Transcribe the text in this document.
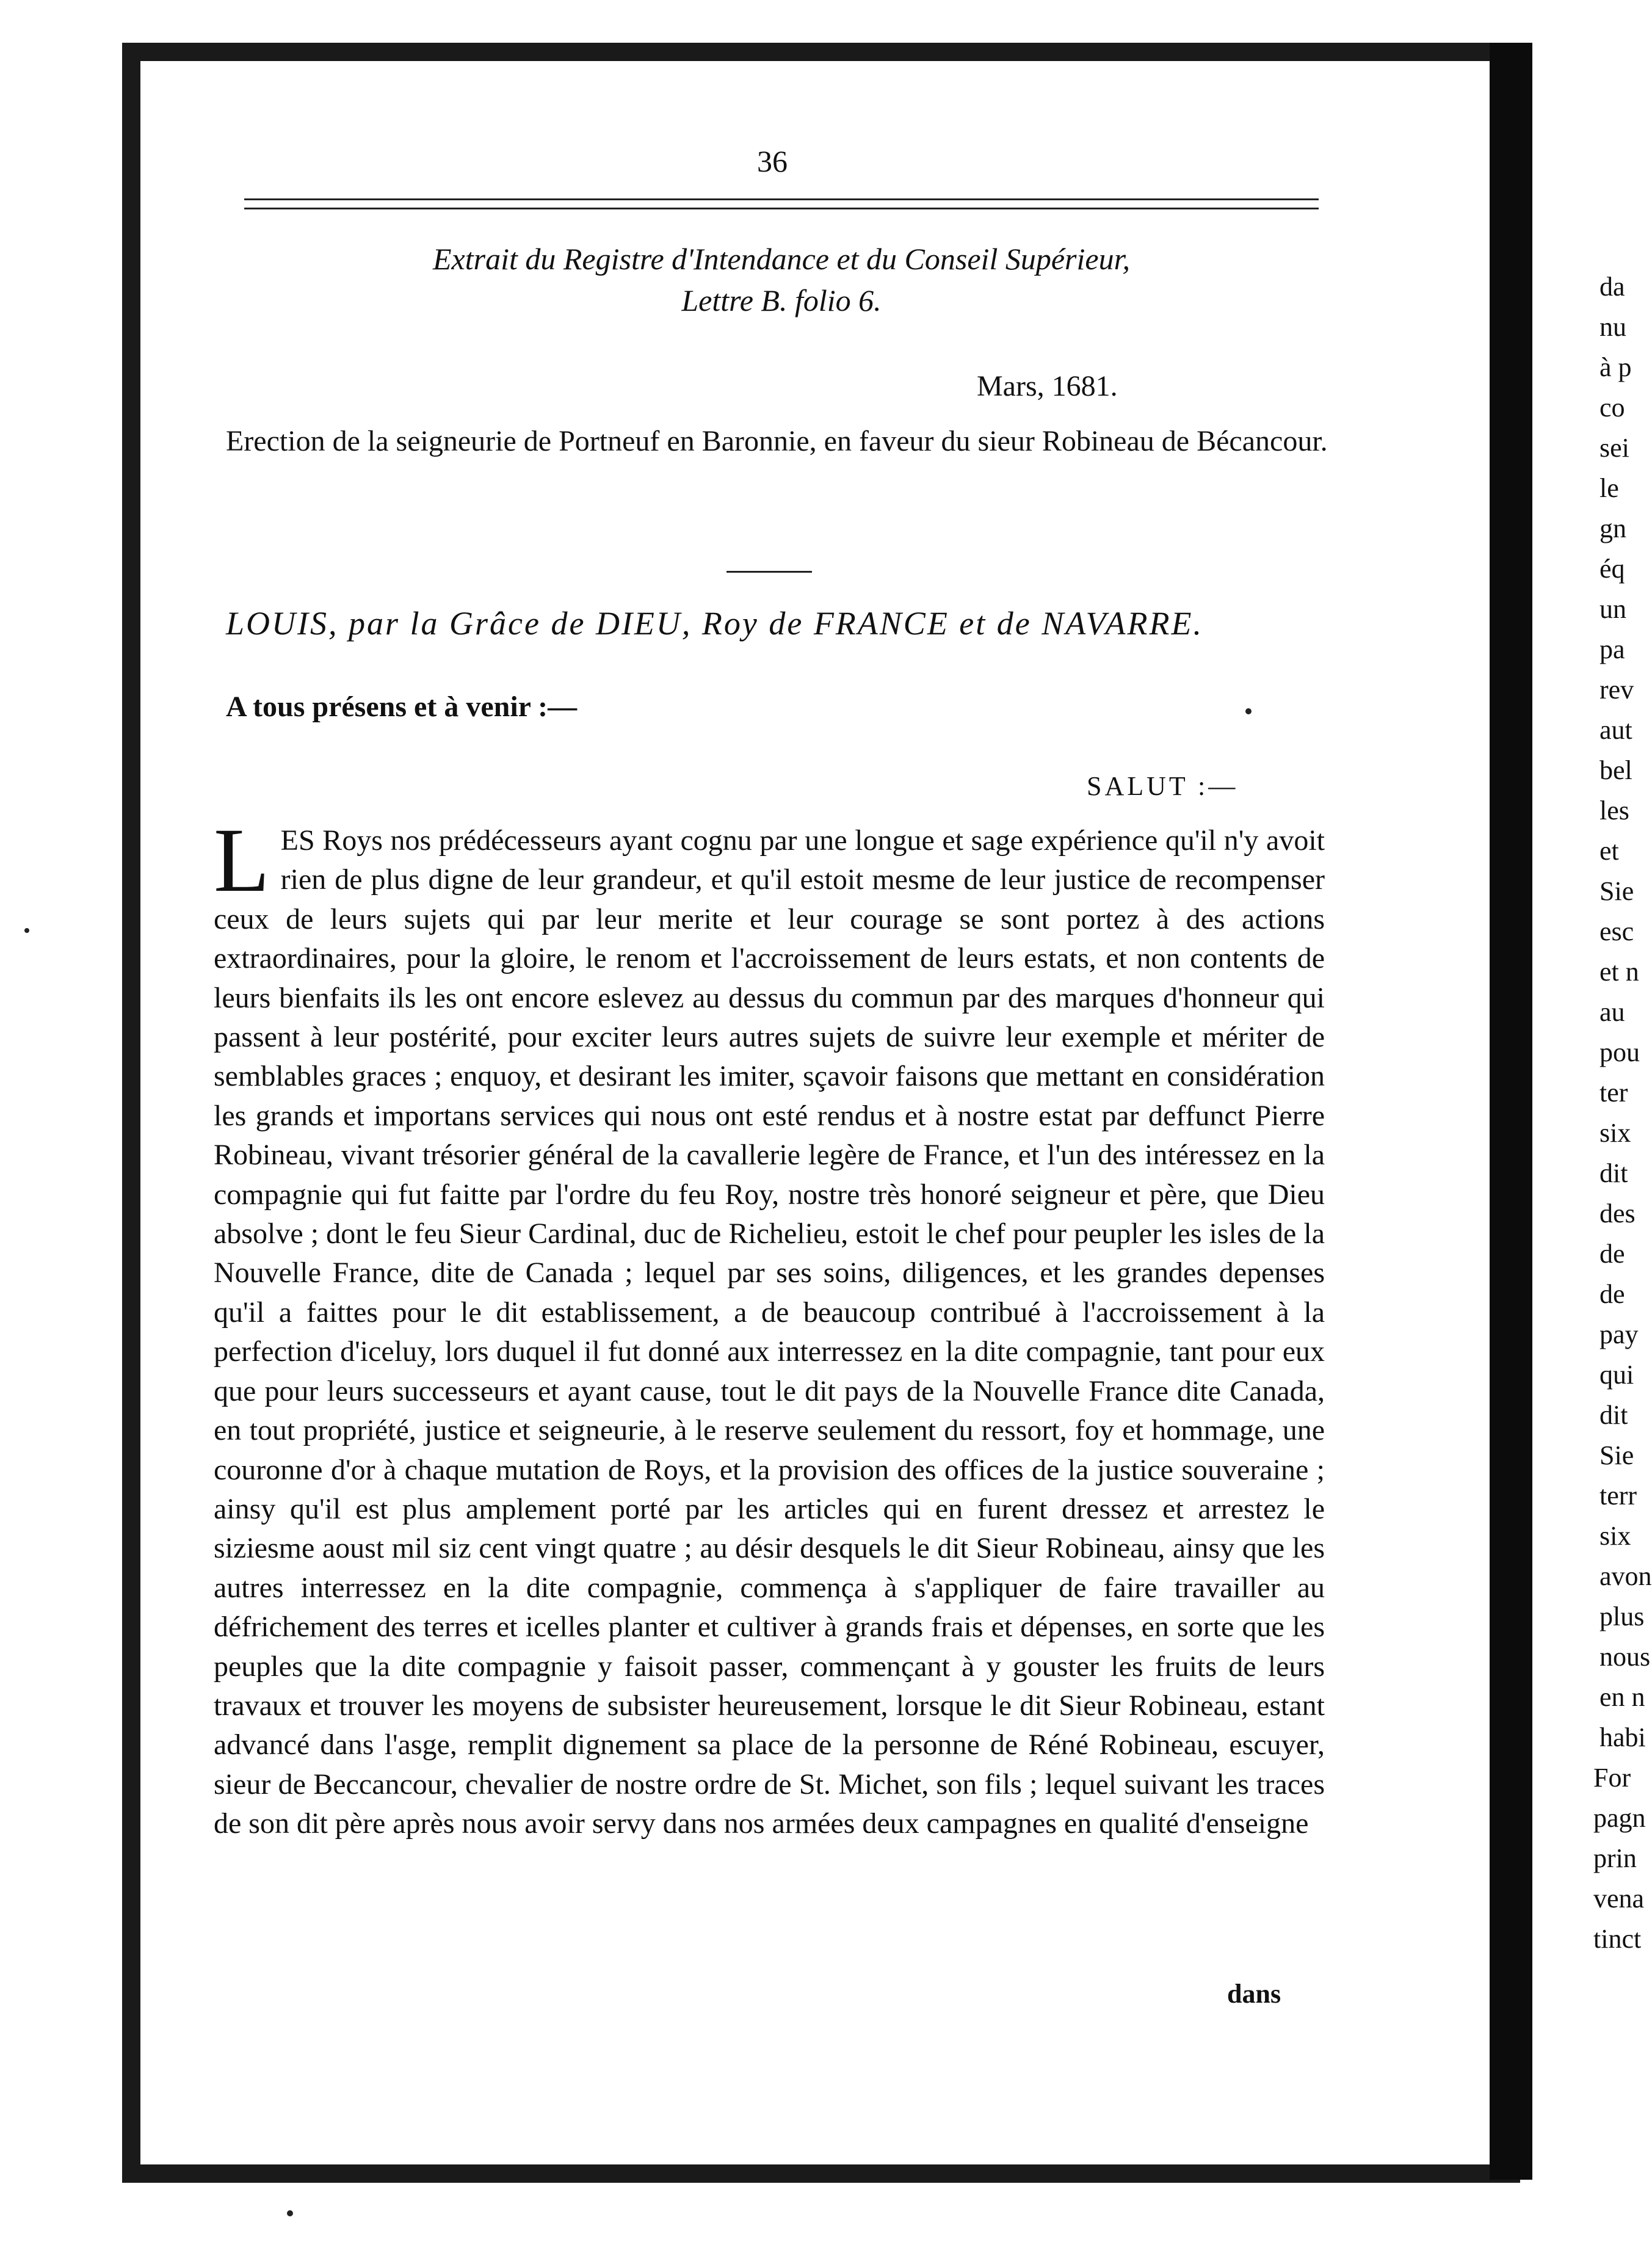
da
nu
à p
co
sei
le
gn
éq
un
pa
rev
aut
bel
les
et
Sie
esc
et n
au
pou
ter
six
dit
des
de
de
pay
qui
dit
Sie
terr
six
avon
plus
nous
en n
habi
For
pagn
prin
vena
tinct
36
Extrait du Registre d'Intendance et du Conseil Supérieur,
Lettre B. folio 6.
Mars, 1681.
Erection de la seigneurie de Portneuf en Baronnie, en faveur du sieur Robineau de Bécancour.
LOUIS, par la Grâce de DIEU, Roy de FRANCE et de NAVARRE.
A tous présens et à venir :—
SALUT :—
LES Roys nos prédécesseurs ayant cognu par une longue et sage expérience qu'il n'y avoit rien de plus digne de leur grandeur, et qu'il estoit mesme de leur justice de recompenser ceux de leurs sujets qui par leur merite et leur courage se sont portez à des actions extraordinaires, pour la gloire, le renom et l'accroissement de leurs estats, et non contents de leurs bienfaits ils les ont encore eslevez au dessus du commun par des marques d'honneur qui passent à leur postérité, pour exciter leurs autres sujets de suivre leur exemple et mériter de semblables graces ; enquoy, et desirant les imiter, sçavoir faisons que mettant en considération les grands et importans services qui nous ont esté rendus et à nostre estat par deffunct Pierre Robineau, vivant trésorier général de la cavallerie legère de France, et l'un des intéressez en la compagnie qui fut faitte par l'ordre du feu Roy, nostre très honoré seigneur et père, que Dieu absolve ; dont le feu Sieur Cardinal, duc de Richelieu, estoit le chef pour peupler les isles de la Nouvelle France, dite de Canada ; lequel par ses soins, diligences, et les grandes depenses qu'il a faittes pour le dit establissement, a de beaucoup contribué à l'accroissement à la perfection d'iceluy, lors duquel il fut donné aux interressez en la dite compagnie, tant pour eux que pour leurs successeurs et ayant cause, tout le dit pays de la Nouvelle France dite Canada, en tout propriété, justice et seigneurie, à le reserve seulement du ressort, foy et hommage, une couronne d'or à chaque mutation de Roys, et la provision des offices de la justice souveraine ; ainsy qu'il est plus amplement porté par les articles qui en furent dressez et arrestez le siziesme aoust mil siz cent vingt quatre ; au désir desquels le dit Sieur Robineau, ainsy que les autres interressez en la dite compagnie, commença à s'appliquer de faire travailler au défrichement des terres et icelles planter et cultiver à grands frais et dépenses, en sorte que les peuples que la dite compagnie y faisoit passer, commençant à y gouster les fruits de leurs travaux et trouver les moyens de subsister heureusement, lorsque le dit Sieur Robineau, estant advancé dans l'asge, remplit dignement sa place de la personne de Réné Robineau, escuyer, sieur de Beccancour, chevalier de nostre ordre de St. Michet, son fils ; lequel suivant les traces de son dit père après nous avoir servy dans nos armées deux campagnes en qualité d'enseigne
dans
